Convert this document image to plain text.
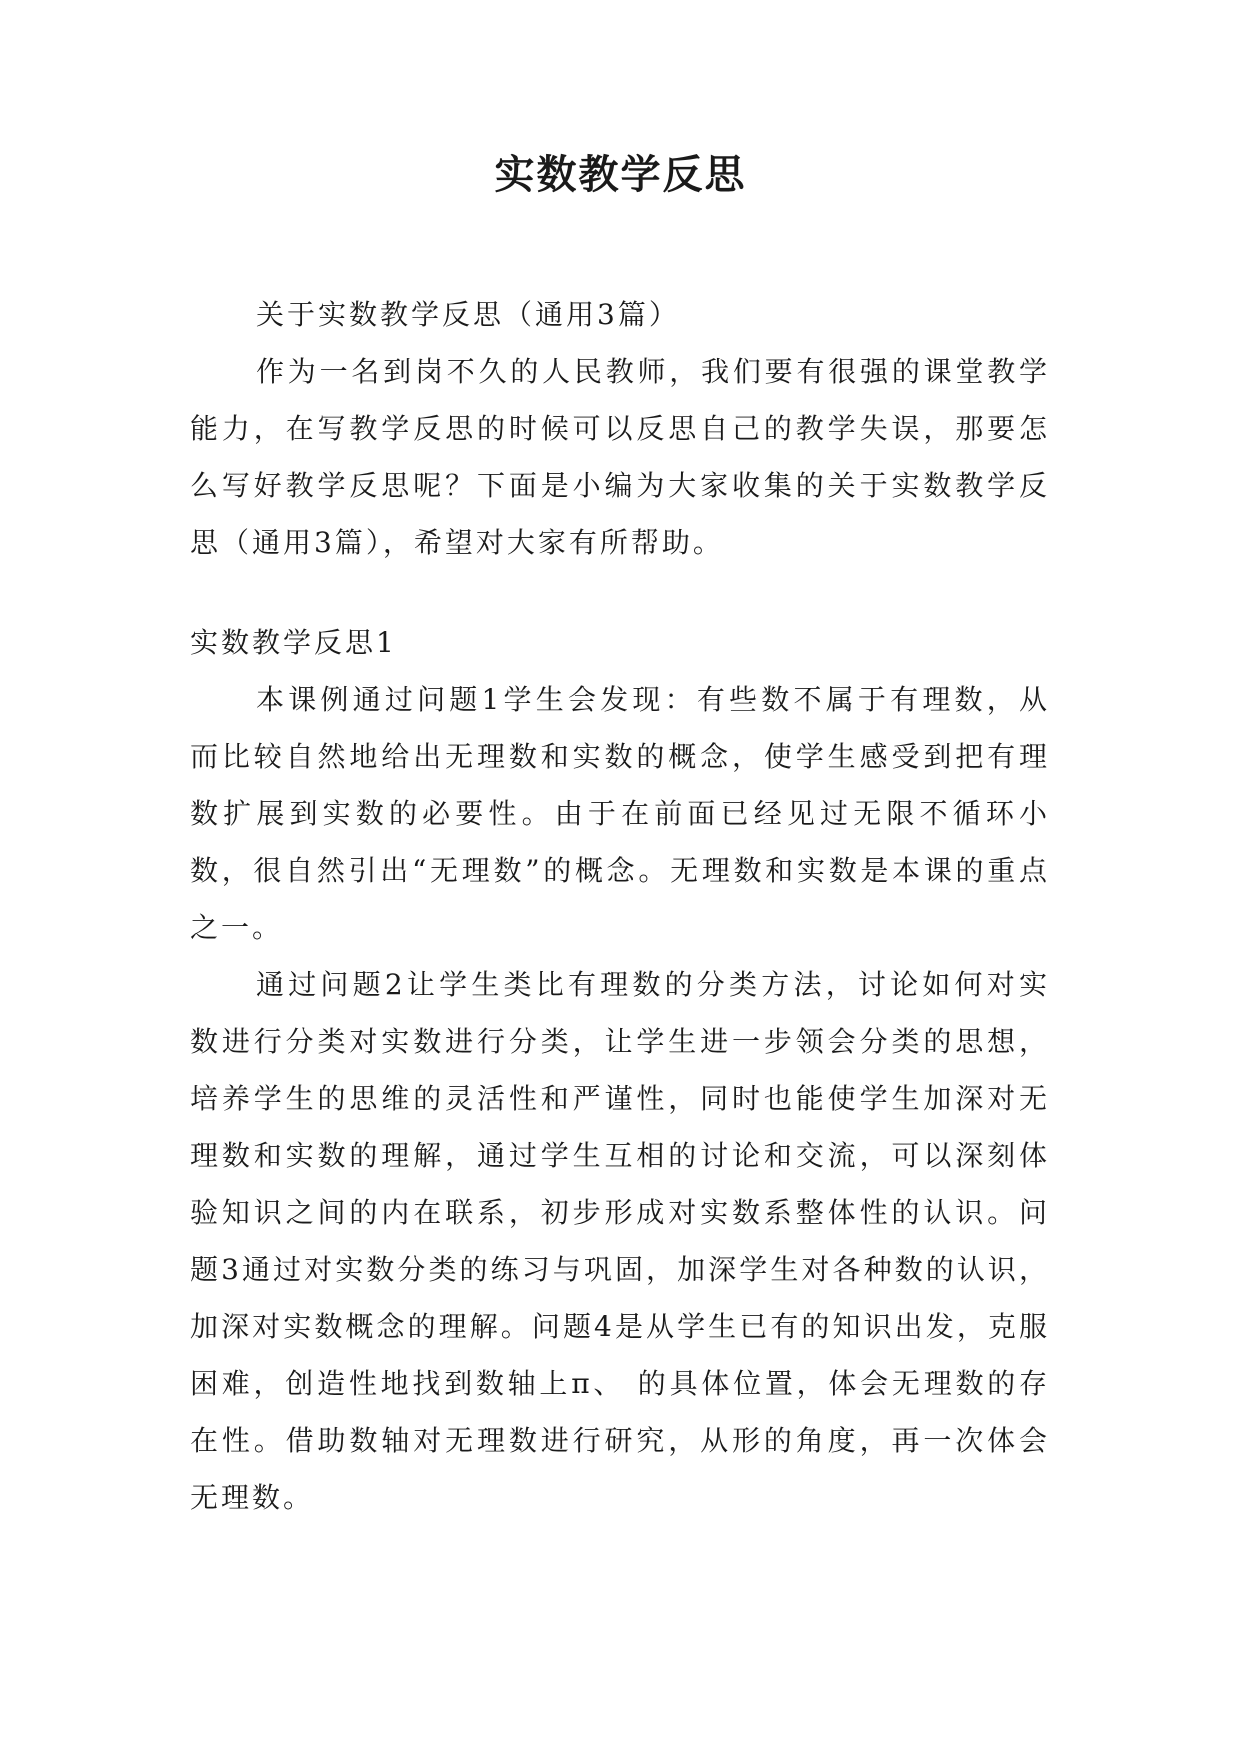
实数教学反思

关于实数教学反思（通用3篇）

作为一名到岗不久的人民教师，我们要有很强的课堂教学能力，在写教学反思的时候可以反思自己的教学失误，那要怎么写好教学反思呢？下面是小编为大家收集的关于实数教学反思（通用3篇），希望对大家有所帮助。

实数教学反思1

本课例通过问题1学生会发现：有些数不属于有理数，从而比较自然地给出无理数和实数的概念，使学生感受到把有理数扩展到实数的必要性。由于在前面已经见过无限不循环小数，很自然引出“无理数”的概念。无理数和实数是本课的重点之一。

通过问题2让学生类比有理数的分类方法，讨论如何对实数进行分类对实数进行分类，让学生进一步领会分类的思想，培养学生的思维的灵活性和严谨性，同时也能使学生加深对无理数和实数的理解，通过学生互相的讨论和交流，可以深刻体验知识之间的内在联系，初步形成对实数系整体性的认识。问题3通过对实数分类的练习与巩固，加深学生对各种数的认识，加深对实数概念的理解。问题4是从学生已有的知识出发，克服困难，创造性地找到数轴上π、 的具体位置，体会无理数的存在性。借助数轴对无理数进行研究，从形的角度，再一次体会无理数。
